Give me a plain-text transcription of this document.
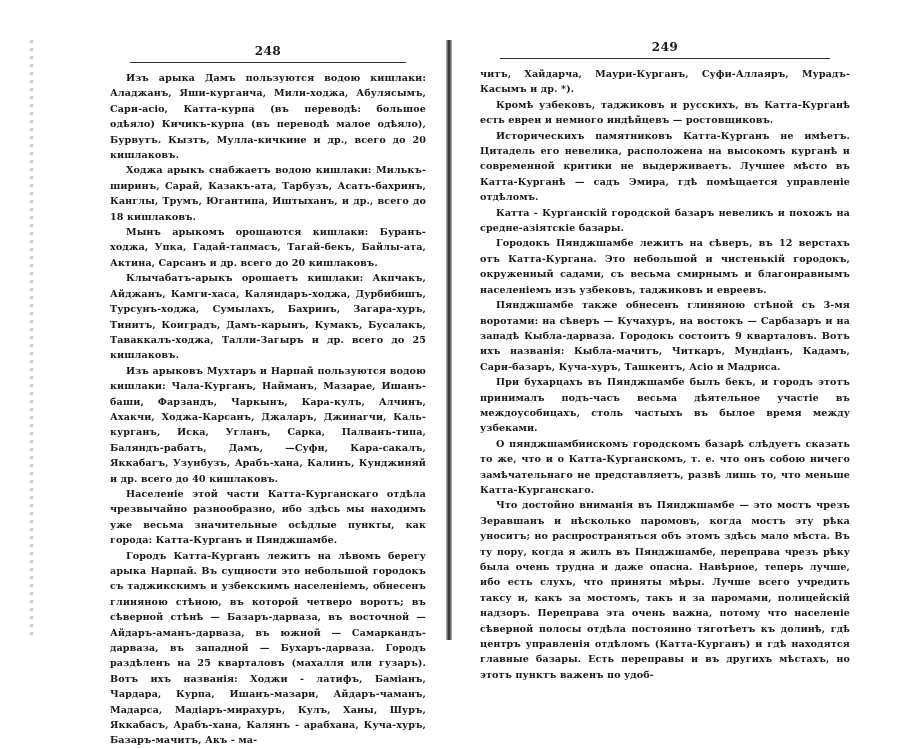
248

Изъ арыка Дамъ пользуются водою кишлаки: Аладжанъ, Яши-курганча, Мили-ходжа, Абулясымъ, Сари-асіо, Катта-курпа (въ переводѣ: большое одѣяло) Кичикъ-курпа (въ переводѣ малое одѣяло), Бурвутъ. Кызтъ, Мулла-кичкине и др., всего до 20 кишлаковъ.

Ходжа арыкъ снабжаетъ водою кишлаки: Милькъ-ширинъ, Сарай, Казакъ-ата, Тарбузъ, Асатъ-бахринъ, Канглы, Трумъ, Югантипа, Иштыханъ, и др., всего до 18 кишлаковъ.

Мынъ арыкомъ орошаются кишлаки: Буранъ-ходжа, Упка, Гадай-тапмасъ, Тагай-бекъ, Байлы-ата, Актина, Сарсанъ и др. всего до 20 кишлаковъ.

Клычабатъ-арыкъ орошаетъ кишлаки: Акпчакъ, Айджанъ, Камги-хаса, Каляндаръ-ходжа, Дурбибишъ, Турсунъ-ходжа, Сумылахъ, Бахринъ, Загара-хуръ, Тинитъ, Коиградъ, Дамъ-карынъ, Кумакъ, Бусалакъ, Таваккалъ-ходжа, Талли-Загыръ и др. всего до 25 кишлаковъ.

Изъ арыковъ Мухтаръ и Нарпай пользуются водою кишлаки: Чала-Курганъ, Найманъ, Мазарае, Ишанъ-баши, Фарзандъ, Чаркынъ, Кара-кулъ, Алчинъ, Ахакчи, Ходжа-Карсанъ, Джаларъ, Джинагчи, Каль-курганъ, Иска, Угланъ, Сарка, Палванъ-типа, Баляндъ-рабатъ, Дамъ, —Суфи, Кара-сакалъ, Яккабагъ, Узунбузъ, Арабъ-хана, Калинъ, Кунджиняй и др. всего до 40 кишлаковъ.

Населеніе этой части Катта-Курганскаго отдѣла чрезвычайно разнообразно, ибо здѣсь мы находимъ уже весьма значительные осѣдлые пункты, как города: Катта-Курганъ и Пянджшамбе.

Городъ Катта-Курганъ лежитъ на лѣвомъ берегу арыка Нарпай. Въ сущности это небольшой городокъ съ таджикскимъ и узбекскимъ населеніемъ, обнесенъ глиняною стѣною, въ которой четверо воротъ; въ сѣверной стѣнѣ — Базаръ-дарваза, въ восточной — Айдаръ-аманъ-дарваза, въ южной — Самаркандъ-дарваза, въ западной — Бухаръ-дарваза. Городъ раздѣленъ на 25 кварталовъ (махалля или гузаръ). Вотъ ихъ названія: Ходжи - латифъ, Баміанъ, Чардара, Курпа, Ишанъ-мазари, Айдаръ-чаманъ, Мадарса, Мадіаръ-мирахуръ, Кулъ, Ханы, Шуръ, Яккабасъ, Арабъ-хана, Калянъ - арабхана, Куча-хуръ, Базаръ-мачитъ, Акъ - ма-

249

читъ, Хайдарча, Маури-Курганъ, Суфи-Аллаяръ, Мурадъ-Касымъ и др. *).

Кромѣ узбековъ, таджиковъ и русскихъ, въ Катта-Курганѣ есть евреи и немного индѣйцевъ — ростовщиковъ.

Историческихъ памятниковъ Катта-Курганъ не имѣетъ. Цитадель его невелика, расположена на высокомъ курганѣ и современной критики не выдерживаетъ. Лучшее мѣсто въ Катта-Курганѣ — садъ Эмира, гдѣ помѣщается управленіе отдѣломъ.

Катта - Курганскій городской базаръ невеликъ и похожъ на средне-азіятскіе базары.

Городокъ Пянджшамбе лежитъ на сѣверъ, въ 12 верстахъ отъ Катта-Кургана. Это небольшой и чистенькій городокъ, окруженный садами, съ весьма смирнымъ и благонравнымъ населеніемъ изъ узбековъ, таджиковъ и евреевъ.

Пянджшамбе также обнесенъ глиняною стѣной съ 3-мя воротами: на сѣверъ — Кучахуръ, на востокъ — Сарбазаръ и на западѣ Кыбла-дарваза. Городокъ состоитъ 9 кварталовъ. Вотъ ихъ названія: Кыбла-мачитъ, Читкаръ, Мундіанъ, Кадамъ, Сари-базаръ, Куча-хуръ, Ташкентъ, Асіо и Мадриса.

При бухарцахъ въ Пянджшамбе былъ бекъ, и городъ этотъ принималъ подъ-часъ весьма дѣятельное участіе въ междоусобицахъ, столь частыхъ въ былое время между узбеками.

О пянджшамбинскомъ городскомъ базарѣ слѣдуетъ сказать то же, что и о Катта-Курганскомъ, т. е. что онъ собою ничего замѣчательнаго не представляетъ, развѣ лишь то, что меньше Катта-Курганскаго.

Что достойно вниманія въ Пянджшамбе — это мостъ чрезъ Зеравшанъ и нѣсколько паромовъ, когда мостъ эту рѣка уноситъ; но распространяться объ этомъ здѣсь мало мѣста. Въ ту пору, когда я жилъ въ Пянджшамбе, переправа чрезъ рѣку была очень трудна и даже опасна. Навѣрное, теперь лучше, ибо есть слухъ, что приняты мѣры. Лучше всего учредить таксу и, какъ за мостомъ, такъ и за паромами, полицейскій надзоръ. Переправа эта очень важна, потому что населеніе сѣверной полосы отдѣла постоянно тяготѣетъ къ долинѣ, гдѣ центръ управленія отдѣломъ (Катта-Курганъ) и гдѣ находятся главные базары. Есть переправы и въ другихъ мѣстахъ, но этотъ пунктъ важенъ по удоб-
